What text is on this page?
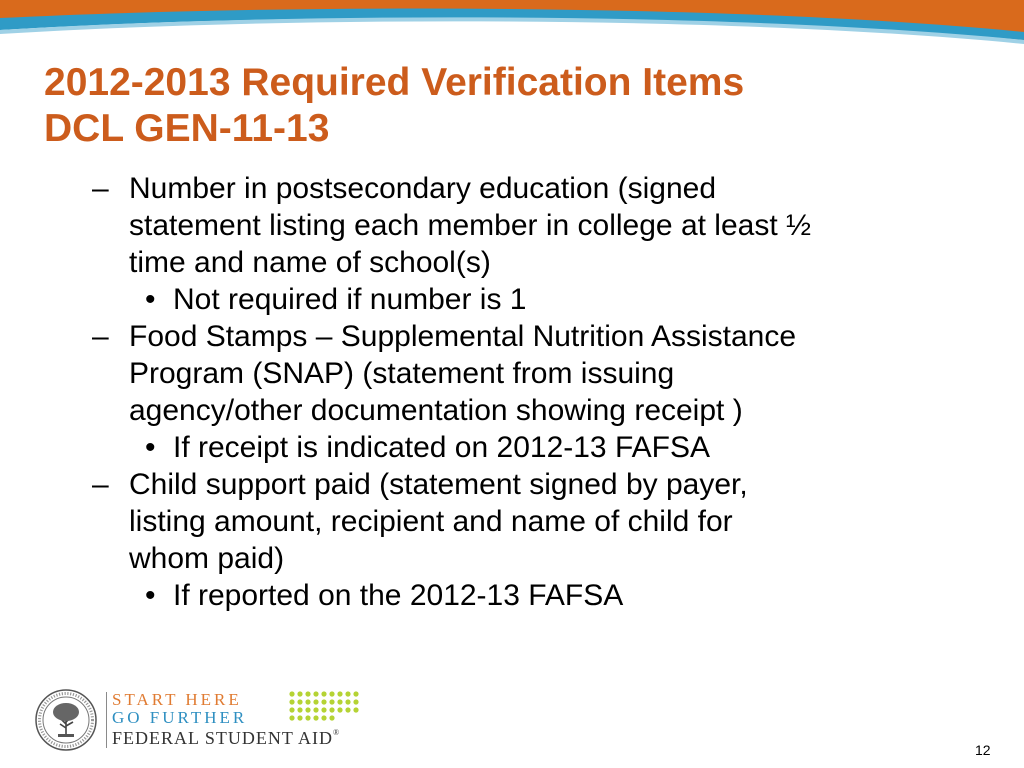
2012-2013 Required Verification Items
DCL GEN-11-13

– Number in postsecondary education (signed
statement listing each member in college at least ½
time and name of school(s)

• Not required if number is 1

– Food Stamps – Supplemental Nutrition Assistance
Program (SNAP) (statement from issuing
agency/other documentation showing receipt )

• If receipt is indicated on 2012-13 FAFSA

– Child support paid (statement signed by payer,
listing amount, recipient and name of child for
whom paid)

• If reported on the 2012-13 FAFSA

START HERE
GO FURTHER
FEDERAL STUDENT AID®
12
